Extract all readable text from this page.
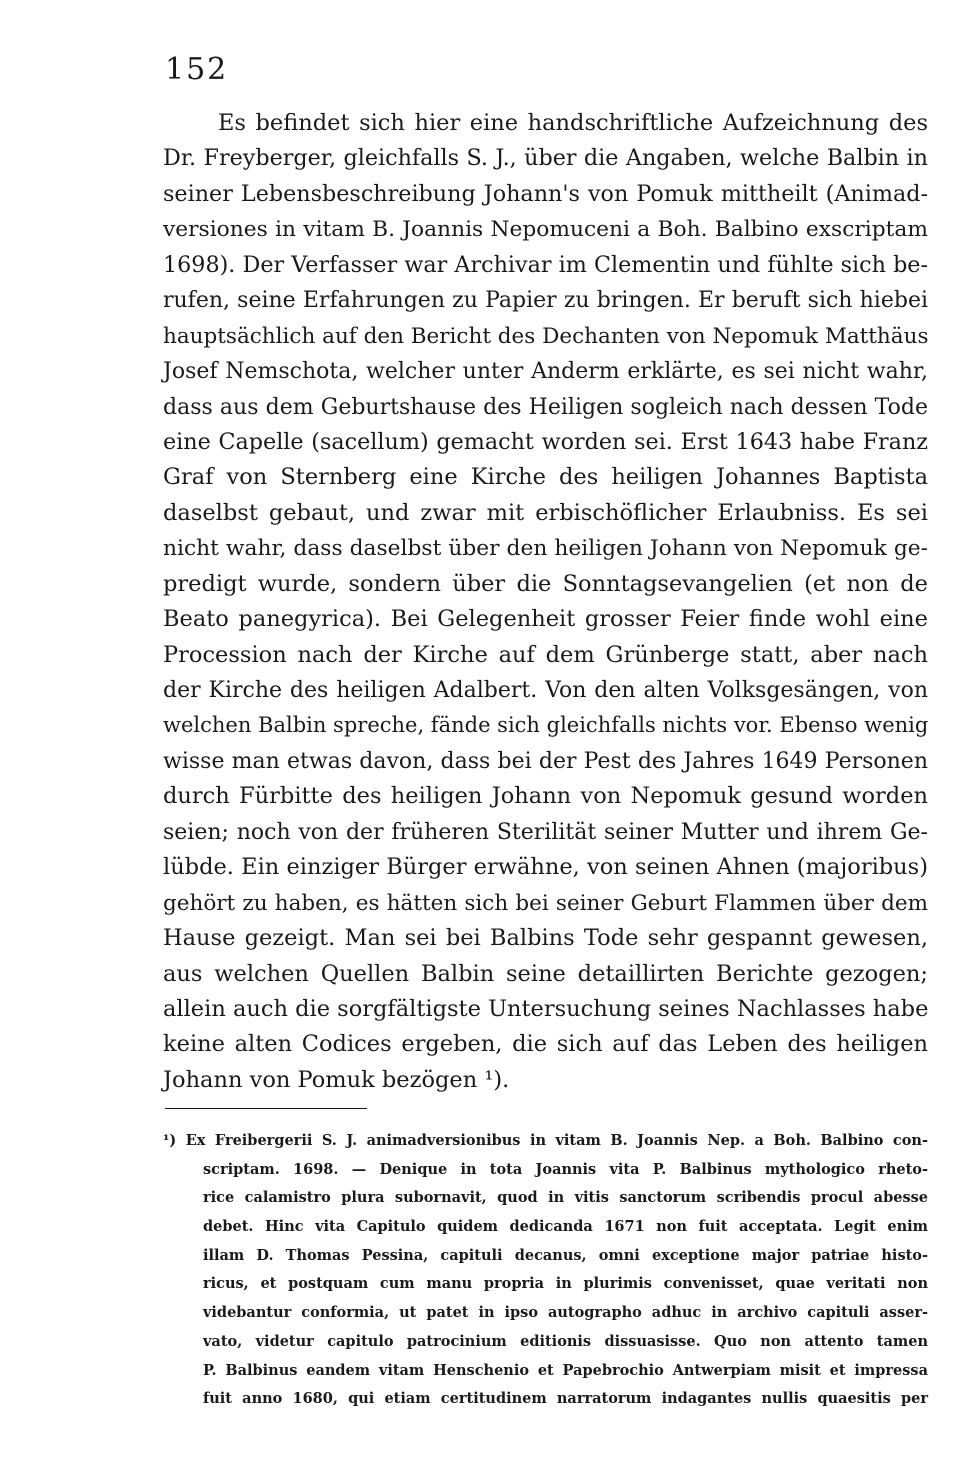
152
Es befindet sich hier eine handschriftliche Aufzeichnung des
Dr. Freyberger, gleichfalls S. J., über die Angaben, welche Balbin in
seiner Lebensbeschreibung Johann's von Pomuk mittheilt (Animad-
versiones in vitam B. Joannis Nepomuceni a Boh. Balbino exscriptam
1698). Der Verfasser war Archivar im Clementin und fühlte sich be-
rufen, seine Erfahrungen zu Papier zu bringen. Er beruft sich hiebei
hauptsächlich auf den Bericht des Dechanten von Nepomuk Matthäus
Josef Nemschota, welcher unter Anderm erklärte, es sei nicht wahr,
dass aus dem Geburtshause des Heiligen sogleich nach dessen Tode
eine Capelle (sacellum) gemacht worden sei. Erst 1643 habe Franz
Graf von Sternberg eine Kirche des heiligen Johannes Baptista
daselbst gebaut, und zwar mit erbischöflicher Erlaubniss. Es sei
nicht wahr, dass daselbst über den heiligen Johann von Nepomuk ge-
predigt wurde, sondern über die Sonntagsevangelien (et non de
Beato panegyrica). Bei Gelegenheit grosser Feier finde wohl eine
Procession nach der Kirche auf dem Grünberge statt, aber nach
der Kirche des heiligen Adalbert. Von den alten Volksgesängen, von
welchen Balbin spreche, fände sich gleichfalls nichts vor. Ebenso wenig
wisse man etwas davon, dass bei der Pest des Jahres 1649 Personen
durch Fürbitte des heiligen Johann von Nepomuk gesund worden
seien; noch von der früheren Sterilität seiner Mutter und ihrem Ge-
lübde. Ein einziger Bürger erwähne, von seinen Ahnen (majoribus)
gehört zu haben, es hätten sich bei seiner Geburt Flammen über dem
Hause gezeigt. Man sei bei Balbins Tode sehr gespannt gewesen,
aus welchen Quellen Balbin seine detaillirten Berichte gezogen;
allein auch die sorgfältigste Untersuchung seines Nachlasses habe
keine alten Codices ergeben, die sich auf das Leben des heiligen
Johann von Pomuk bezögen ¹).
¹) Ex Freibergerii S. J. animadversionibus in vitam B. Joannis Nep. a Boh. Balbino con-
scriptam. 1698. — Denique in tota Joannis vita P. Balbinus mythologico rheto-
rice calamistro plura subornavit, quod in vitis sanctorum scribendis procul abesse
debet. Hinc vita Capitulo quidem dedicanda 1671 non fuit acceptata. Legit enim
illam D. Thomas Pessina, capituli decanus, omni exceptione major patriae histo-
ricus, et postquam cum manu propria in plurimis convenisset, quae veritati non
videbantur conformia, ut patet in ipso autographo adhuc in archivo capituli asser-
vato, videtur capitulo patrocinium editionis dissuasisse. Quo non attento tamen
P. Balbinus eandem vitam Henschenio et Papebrochio Antwerpiam misit et impressa
fuit anno 1680, qui etiam certitudinem narratorum indagantes nullis quaesitis per
